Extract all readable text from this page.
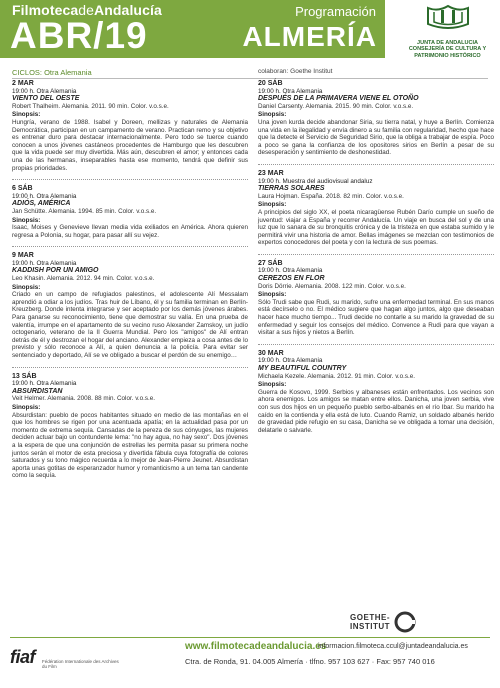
FilmotecadeAndalucía
ABR/19
Programación
ALMERÍA	JUNTA DE ANDALUCIA
CONSEJERÍA DE CULTURA Y
PATRIMONIO HISTÓRICO
CICLOS: Otra Alemania	colaboran: Goethe Institut
2 MAR
19:00 h. Otra Alemania
VIENTO DEL OESTE
Robert Thalheim. Alemania. 2011. 90 min. Color. v.o.s.e.
Sinopsis:
Hungría, verano de 1988. Isabel y Doreen, mellizas y naturales de Alemania Democrática, participan en un campamento de verano. Practican remo y su objetivo es entrenar duro para destacar internacionalmente. Pero todo se tuerce cuando conocen a unos jóvenes castáneos procedentes de Hamburgo que les descubren que la vida puede ser muy divertida. Más aún, descubren el amor; y entonces cada una de las hermanas, inseparables hasta ese momento, tendrá que definir sus propias prioridades.
6 SÁB
19:00 h. Otra Alemania
ADIÓS, AMÉRICA
Jan Schütte. Alemania. 1994. 85 min. Color. v.o.s.e.
Sinopsis:
Isaac, Moises y Genevieve llevan media vida exiliados en América. Ahora quieren regresa a Polonia, su hogar, para pasar allí su vejez.
9 MAR
19:00 h. Otra Alemania
KADDISH POR UN AMIGO
Leo Khasin. Alemania. 2012. 94 min. Color. v.o.s.e.
Sinopsis:
Criado en un campo de refugiados palestinos, el adolescente Alí Messalam aprendió a odiar a los judíos. Tras huir de Líbano, él y su familia terminan en Berlín-Kreuzberg. Donde intenta integrarse y ser aceptado por los demás jóvenes árabes. Para ganarse su reconocimiento, tiene que demostrar su valía. En una prueba de valentía, irrumpe en el apartamento de su vecino ruso Alexander Zamskoy, un judío octogenario, veterano de la II Guerra Mundial. Pero los "amigos" de Alí entran detrás de él y destrozan el hogar del anciano. Alexander empieza a cosa antes de lo previsto y sólo reconoce a Alí, a quien denuncia a la policía. Para evitar ser sentenciado y deportado, Alí se ve obligado a buscar el perdón de su enemigo…
13 SÁB
19:00 h. Otra Alemania
ABSURDISTAN
Veit Helmer. Alemania. 2008. 88 min. Color. v.o.s.e.
Sinopsis:
Absurdistan: pueblo de pocos habitantes situado en medio de las montañas en el que los hombres se rigen por una acentuada apatía; en la actualidad pasa por un momento de extrema sequía. Cansadas de la pereza de sus cónyuges, las mujeres deciden actuar bajo un contundente lema: "no hay agua, no hay sexo". Dos jóvenes a la espera de que una conjunción de estrellas les permita pasar su primera noche juntos serán el motor de esta preciosa y divertida fábula cuya fotografía de colores saturados y su tono mágico recuerda a lo mejor de Jean-Pierre Jeunet. Absurdistan aporta unas gotitas de esperanzador humor y romanticismo a un tema tan candente como la sequía.
20 SÁB
19:00 h. Otra Alemania
DESPUÉS DE LA PRIMAVERA VIENE EL OTOÑO
Daniel Carsenty. Alemania. 2015. 90 min. Color. v.o.s.e.
Sinopsis:
Una joven kurda decide abandonar Siria, su tierra natal, y huye a Berlín. Comienza una vida en la ilegalidad y envía dinero a su familia con regularidad, hecho que hace que la detecte el Servicio de Seguridad Sirio, que la obliga a trabajar de espía. Poco a poco se gana la confianza de los opositores sirios en Berlín a pesar de su desesperación y sentimiento de deshonestidad.
23 MAR
19:00 h. Muestra del audiovisual andaluz
TIERRAS SOLARES
Laura Hojman. España. 2018. 82 min. Color. v.o.s.e.
Sinopsis:
A principios del siglo XX, el poeta nicaragüense Rubén Darío cumple un sueño de juventud: viajar a España y recorrer Andalucía. Un viaje en busca del sol y de una luz que lo sanara de su bronquitis crónica y de la tristeza en que estaba sumido y le permitirá vivir una historia de amor. Bellas imágenes se mezclan con testimonios de expertos conocedores del poeta y con la lectura de sus poemas.
27 SÁB
19:00 h. Otra Alemania
CEREZOS EN FLOR
Doris Dörrie. Alemania. 2008. 122 min. Color. v.o.s.e.
Sinopsis:
Sólo Trudi sabe que Rudi, su marido, sufre una enfermedad terminal. En sus manos está decírselo o no. El médico sugiere que hagan algo juntos, algo que deseaban hacer hace mucho tiempo... Trudi decide no contarle a su marido la gravedad de su enfermedad y seguir los consejos del médico. Convence a Rudi para que vayan a visitar a sus hijos y nietos a Berlín.
30 MAR
19:00 h. Otra Alemania
MY BEAUTIFUL COUNTRY
Michaela Kezele. Alemania. 2012. 91 min. Color. v.o.s.e.
Sinopsis:
Guerra de Kosovo, 1999. Serbios y albaneses están enfrentados. Los vecinos son ahora enemigos. Los amigos se matan entre ellos. Danicha, una joven serbia, vive con sus dos hijos en un pequeño pueblo serbo-albanés en el río Ibar. Su marido ha caído en la contienda y ella está de luto. Cuando Ramiz, un soldado albanés herido de gravedad pide refugio en su casa, Danicha se ve obligada a tomar una decisión, delatarle o salvarle.
GOETHE-
INSTITUT
fiaf Fédération Internationale des Archives du Film
www.filmotecadeandalucia.es
informacion.filmoteca.ccul@juntadeandalucia.es
Ctra. de Ronda, 91. 04.005 Almería · tlfno. 957 103 627 · Fax: 957 740 016
